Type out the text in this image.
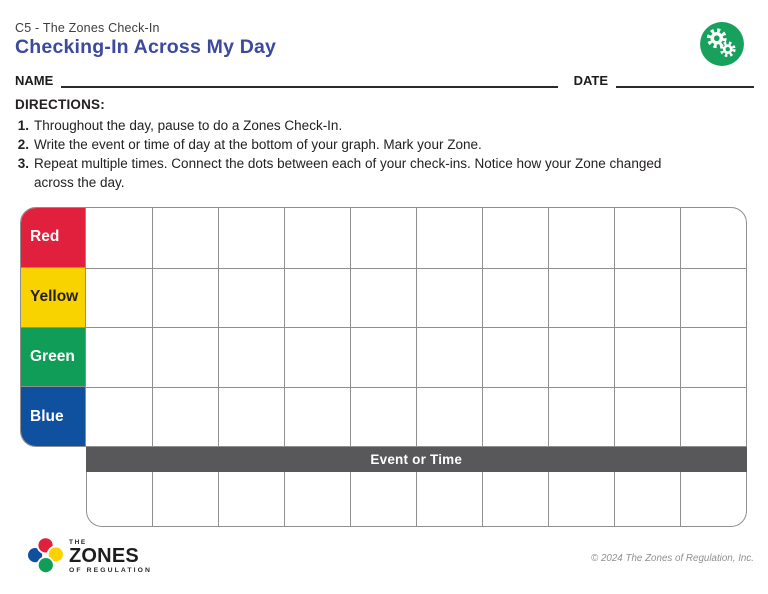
C5 - The Zones Check-In
Checking-In Across My Day
NAME	DATE
DIRECTIONS:
1. Throughout the day, pause to do a Zones Check-In.
2. Write the event or time of day at the bottom of your graph. Mark your Zone.
3. Repeat multiple times. Connect the dots between each of your check-ins. Notice how your Zone changed across the day.
Red
Yellow
Green
Blue
Event or Time
THE
ZONES
OF REGULATION
© 2024 The Zones of Regulation, Inc.
